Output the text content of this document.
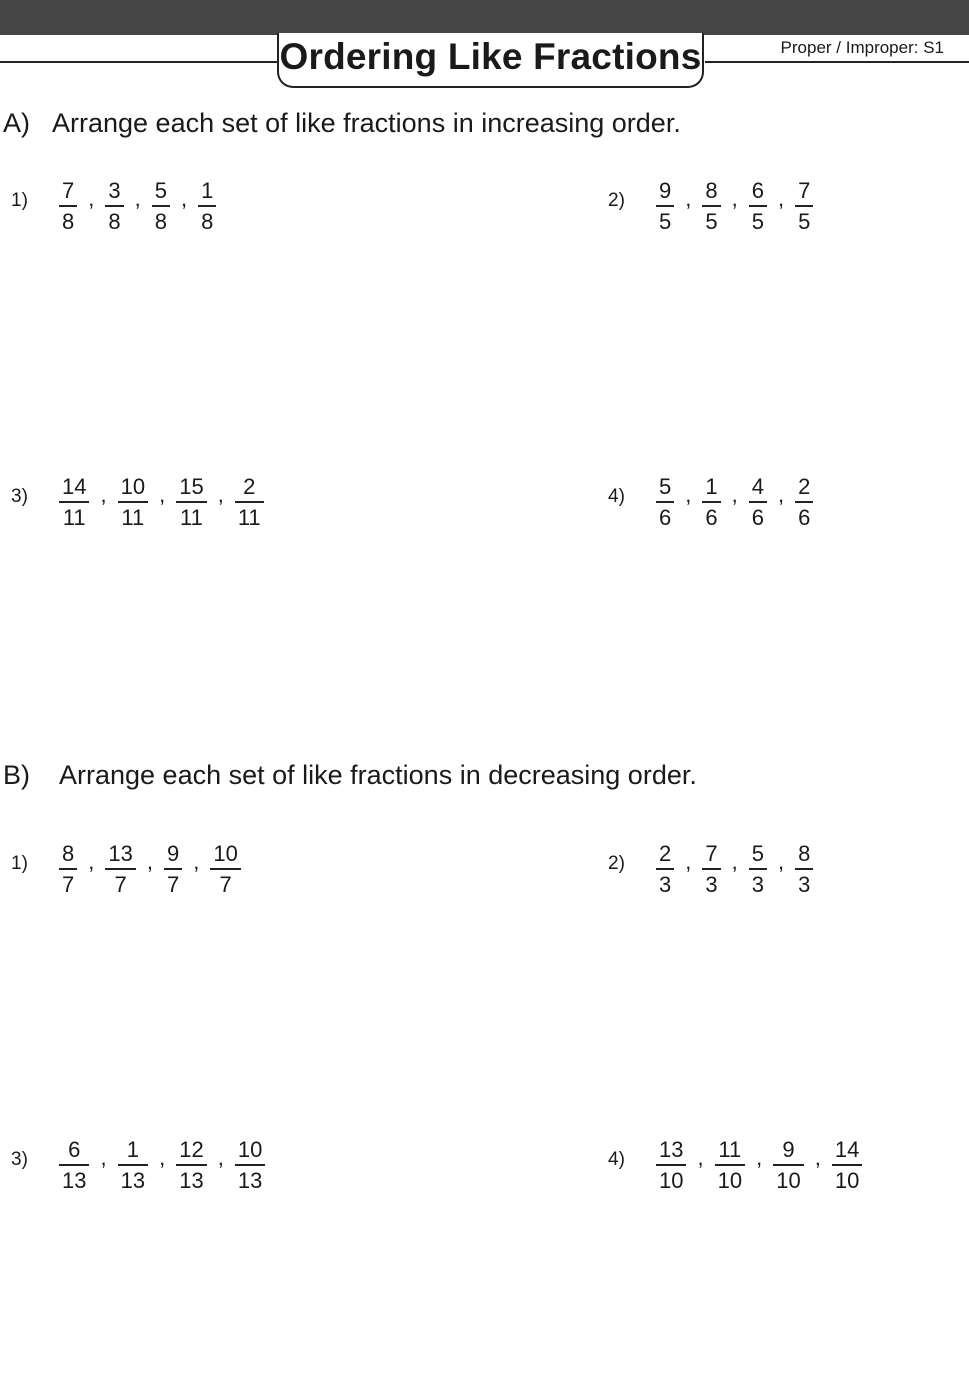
Ordering Like Fractions	Proper / Improper: S1
A) Arrange each set of like fractions in increasing order.
$1) \frac{7}{8}$ , $\frac{3}{8}$ , $\frac{5}{8}$ , $\frac{1}{8}$	$2) \frac{9}{5}$ , $\frac{8}{5}$ , $\frac{6}{5}$ , $\frac{7}{5}$
$3) \frac{14}{11}$ , $\frac{10}{11}$ , $\frac{15}{11}$ , $\frac{2}{11}$	$4) \frac{5}{6}$ , $\frac{1}{6}$ , $\frac{4}{6}$ , $\frac{2}{6}$
B) Arrange each set of like fractions in decreasing order.
$1) \frac{8}{7}$ , $\frac{13}{7}$ , $\frac{9}{7}$ , $\frac{10}{7}$	$2) \frac{2}{3}$ , $\frac{7}{3}$ , $\frac{5}{3}$ , $\frac{8}{3}$
$3) \frac{6}{13}$ , $\frac{1}{13}$ , $\frac{12}{13}$ , $\frac{10}{13}$	$4) \frac{13}{10}$ , $\frac{11}{10}$ , $\frac{9}{10}$ , $\frac{14}{10}$
